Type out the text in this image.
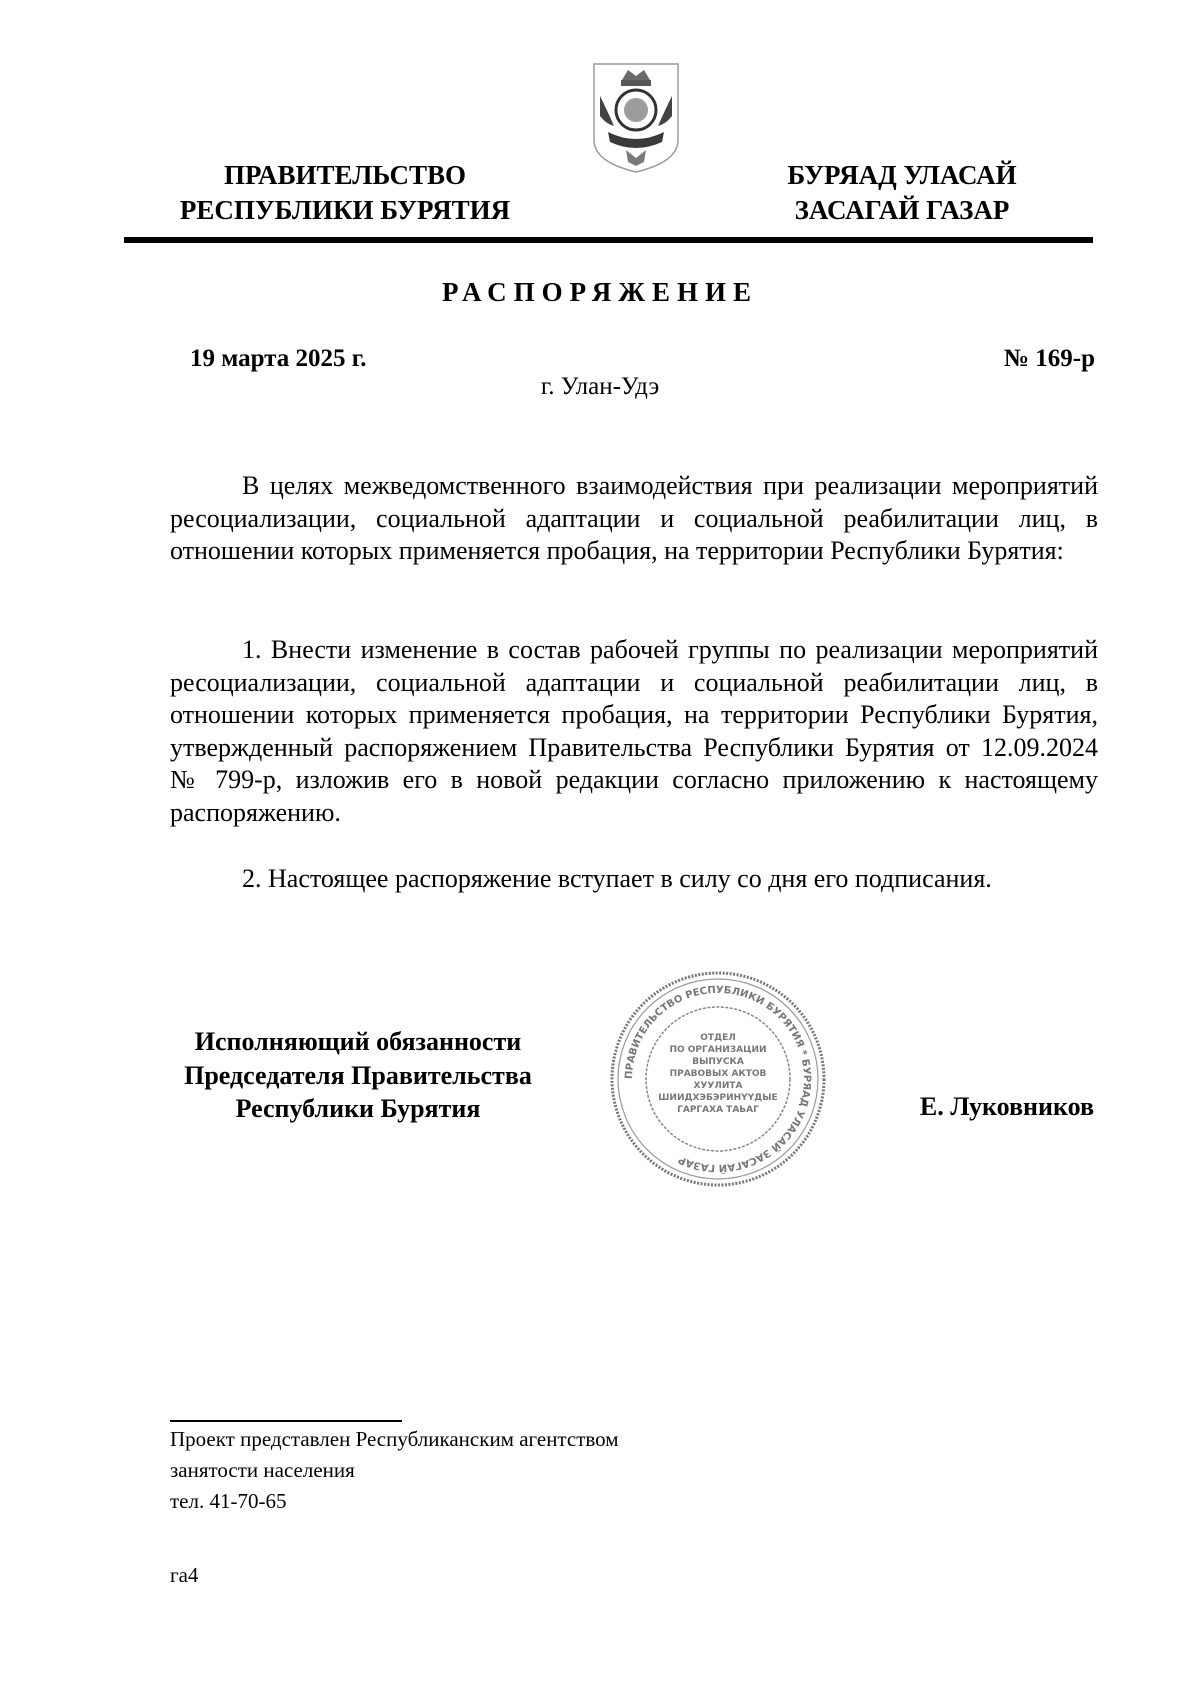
ПРАВИТЕЛЬСТВО
РЕСПУБЛИКИ БУРЯТИЯ
БУРЯАД УЛАСАЙ
ЗАСАГАЙ ГАЗАР
РАСПОРЯЖЕНИЕ
19 марта 2025 г.	№ 169-р
г. Улан-Удэ

В целях межведомственного взаимодействия при реализации мероприятий ресоциализации, социальной адаптации и социальной реабилитации лиц, в отношении которых применяется пробация, на территории Республики Бурятия:

1. Внести изменение в состав рабочей группы по реализации мероприятий ресоциализации, социальной адаптации и социальной реабилитации лиц, в отношении которых применяется пробация, на территории Республики Бурятия, утвержденный распоряжением Правительства Республики Бурятия от 12.09.2024 № 799-р, изложив его в новой редакции согласно приложению к настоящему распоряжению.

2. Настоящее распоряжение вступает в силу со дня его подписания.

Исполняющий обязанности
Председателя Правительства
Республики Бурятия
ПРАВИТЕЛЬСТВО РЕСПУБЛИКИ БУРЯТИЯ * БУРЯАД УЛАСАЙ ЗАСАГАЙ ГАЗАР
ОТДЕЛ
ПО ОРГАНИЗАЦИИ
ВЫПУСКА
ПРАВОВЫХ АКТОВ
ХУУЛИТА
ШИИДХЭБЭРИНҮҮДЫЕ
ГАРГАХА ТАЬАГ	Е. Луковников
Проект представлен Республиканским агентством
занятости населения
тел. 41-70-65
га4
